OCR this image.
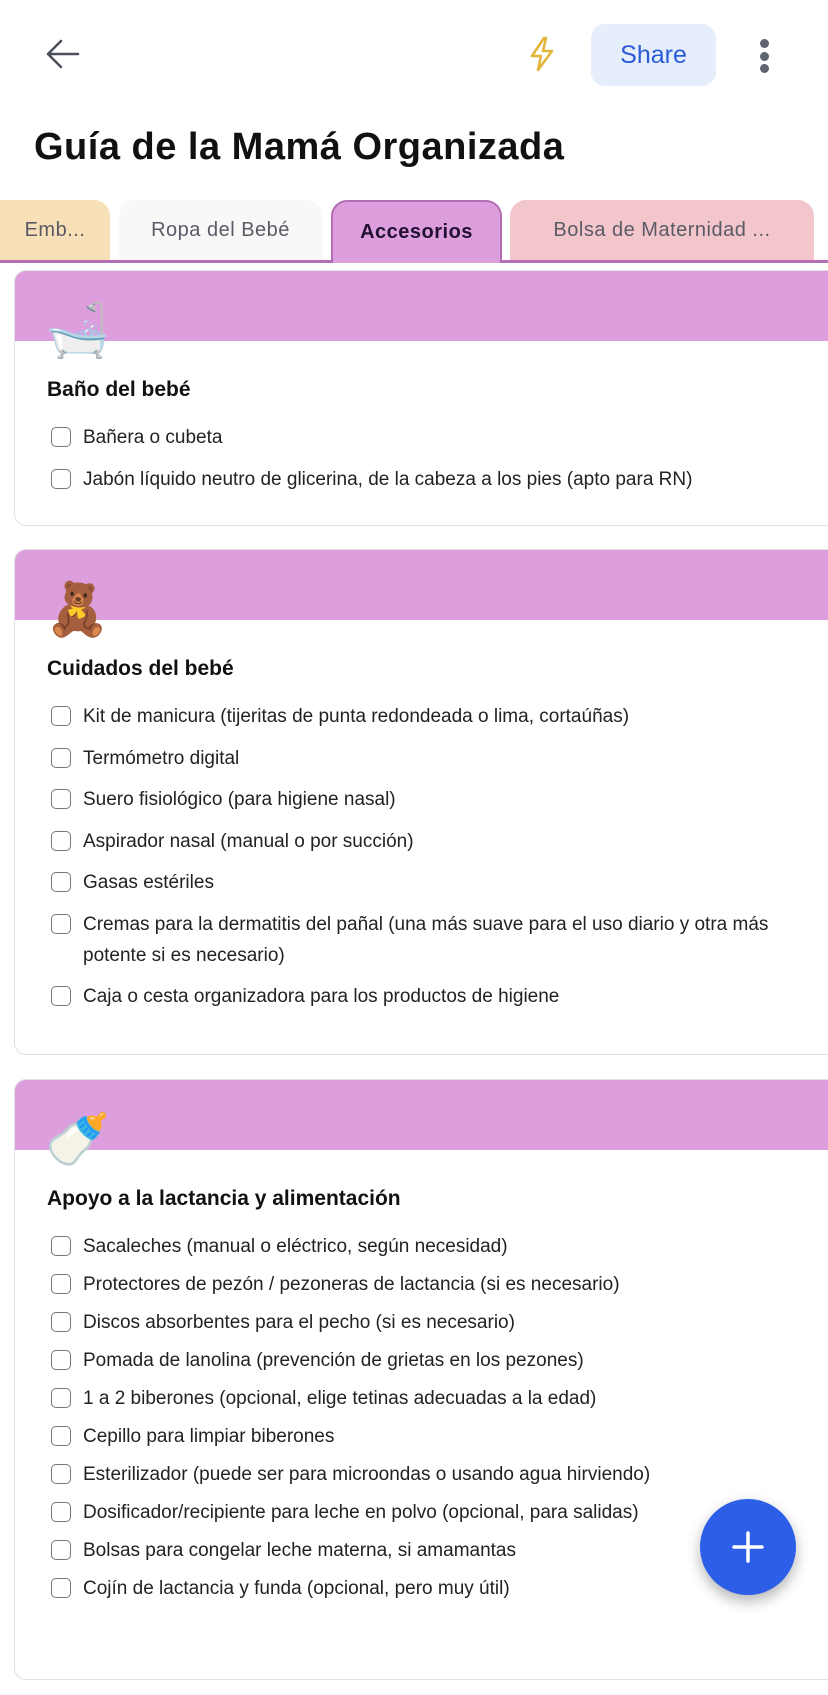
Share
Guía de la Mamá Organizada
Emb...	Ropa del Bebé	Accesorios	Bolsa de Maternidad ...
🛁
Baño del bebé
Bañera o cubeta
Jabón líquido neutro de glicerina, de la cabeza a los pies (apto para RN)
🧸
Cuidados del bebé
Kit de manicura (tijeritas de punta redondeada o lima, cortaúñas)
Termómetro digital
Suero fisiológico (para higiene nasal)
Aspirador nasal (manual o por succión)
Gasas estériles
Cremas para la dermatitis del pañal (una más suave para el uso diario y otra más potente si es necesario)
Caja o cesta organizadora para los productos de higiene
🍼
Apoyo a la lactancia y alimentación
Sacaleches (manual o eléctrico, según necesidad)
Protectores de pezón / pezoneras de lactancia (si es necesario)
Discos absorbentes para el pecho (si es necesario)
Pomada de lanolina (prevención de grietas en los pezones)
1 a 2 biberones (opcional, elige tetinas adecuadas a la edad)
Cepillo para limpiar biberones
Esterilizador (puede ser para microondas o usando agua hirviendo)
Dosificador/recipiente para leche en polvo (opcional, para salidas)
Bolsas para congelar leche materna, si amamantas
Cojín de lactancia y funda (opcional, pero muy útil)
